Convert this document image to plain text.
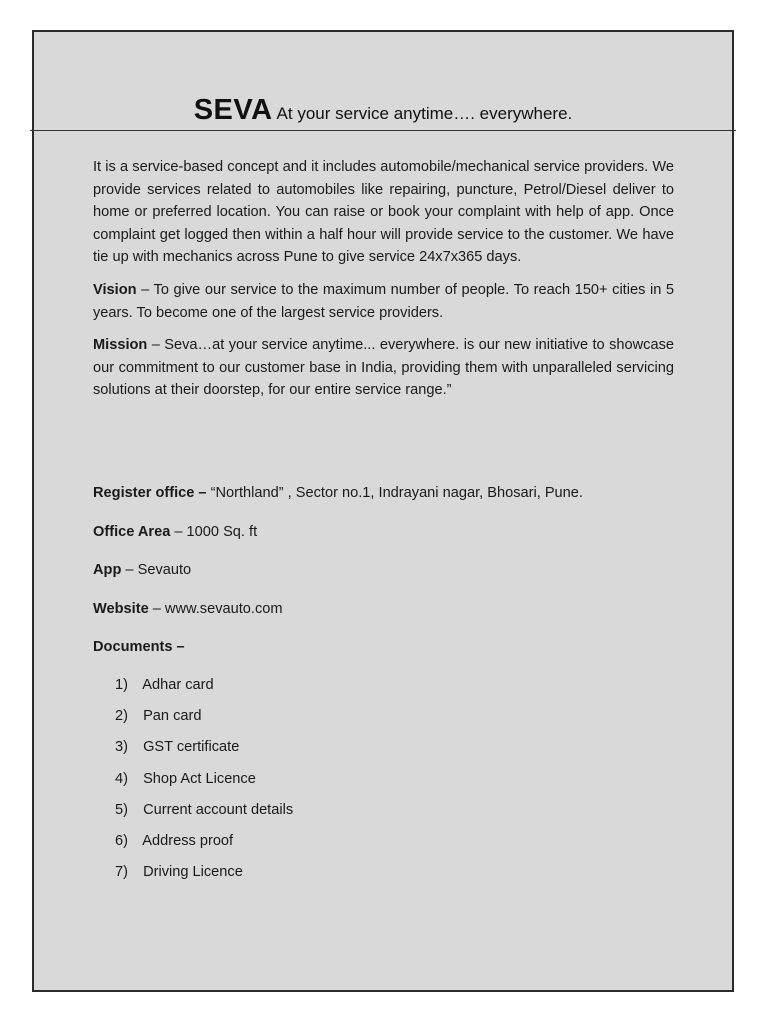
SEVA At your service anytime…. everywhere.

It is a service-based concept and it includes automobile/mechanical service providers. We provide services related to automobiles like repairing, puncture, Petrol/Diesel deliver to home or preferred location. You can raise or book your complaint with help of app. Once complaint get logged then within a half hour will provide service to the customer. We have tie up with mechanics across Pune to give service 24x7x365 days.

Vision – To give our service to the maximum number of people. To reach 150+ cities in 5 years. To become one of the largest service providers.

Mission – Seva…at your service anytime... everywhere. is our new initiative to showcase our commitment to our customer base in India, providing them with unparalleled servicing solutions at their doorstep, for our entire service range.”

Register office – “Northland” , Sector no.1, Indrayani nagar, Bhosari, Pune.
Office Area – 1000 Sq. ft
App – Sevauto
Website – www.sevauto.com
Documents –
1) Adhar card
2) Pan card
3) GST certificate
4) Shop Act Licence
5) Current account details
6) Address proof
7) Driving Licence
